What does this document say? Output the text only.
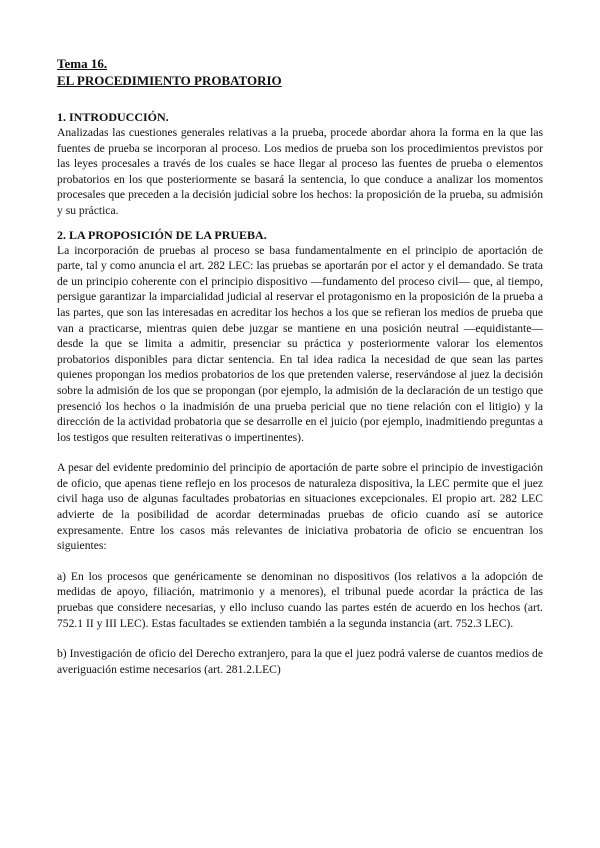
Tema 16.

EL PROCEDIMIENTO PROBATORIO

1. INTRODUCCIÓN.

Analizadas las cuestiones generales relativas a la prueba, procede abordar ahora la forma en la que las fuentes de prueba se incorporan al proceso. Los medios de prueba son los procedimientos previstos por las leyes procesales a través de los cuales se hace llegar al proceso las fuentes de prueba o elementos probatorios en los que posteriormente se basará la sentencia, lo que conduce a analizar los momentos procesales que preceden a la decisión judicial sobre los hechos: la proposición de la prueba, su admisión y su práctica.

2. LA PROPOSICIÓN DE LA PRUEBA.

La incorporación de pruebas al proceso se basa fundamentalmente en el principio de aportación de parte, tal y como anuncia el art. 282 LEC: las pruebas se aportarán por el actor y el demandado. Se trata de un principio coherente con el principio dispositivo —fundamento del proceso civil— que, al tiempo, persigue garantizar la imparcialidad judicial al reservar el protagonismo en la proposición de la prueba a las partes, que son las interesadas en acreditar los hechos a los que se refieran los medios de prueba que van a practicarse, mientras quien debe juzgar se mantiene en una posición neutral —equidistante— desde la que se limita a admitir, presenciar su práctica y posteriormente valorar los elementos probatorios disponibles para dictar sentencia. En tal idea radica la necesidad de que sean las partes quienes propongan los medios probatorios de los que pretenden valerse, reservándose al juez la decisión sobre la admisión de los que se propongan (por ejemplo, la admisión de la declaración de un testigo que presenció los hechos o la inadmisión de una prueba pericial que no tiene relación con el litigio) y la dirección de la actividad probatoria que se desarrolle en el juicio (por ejemplo, inadmitiendo preguntas a los testigos que resulten reiterativas o impertinentes).

A pesar del evidente predominio del principio de aportación de parte sobre el principio de investigación de oficio, que apenas tiene reflejo en los procesos de naturaleza dispositiva, la LEC permite que el juez civil haga uso de algunas facultades probatorias en situaciones excepcionales. El propio art. 282 LEC advierte de la posibilidad de acordar determinadas pruebas de oficio cuando así se autorice expresamente. Entre los casos más relevantes de iniciativa probatoria de oficio se encuentran los siguientes:

a) En los procesos que genéricamente se denominan no dispositivos (los relativos a la adopción de medidas de apoyo, filiación, matrimonio y a menores), el tribunal puede acordar la práctica de las pruebas que considere necesarias, y ello incluso cuando las partes estén de acuerdo en los hechos (art. 752.1 II y III LEC). Estas facultades se extienden también a la segunda instancia (art. 752.3 LEC).

b) Investigación de oficio del Derecho extranjero, para la que el juez podrá valerse de cuantos medios de averiguación estime necesarios (art. 281.2.LEC)
